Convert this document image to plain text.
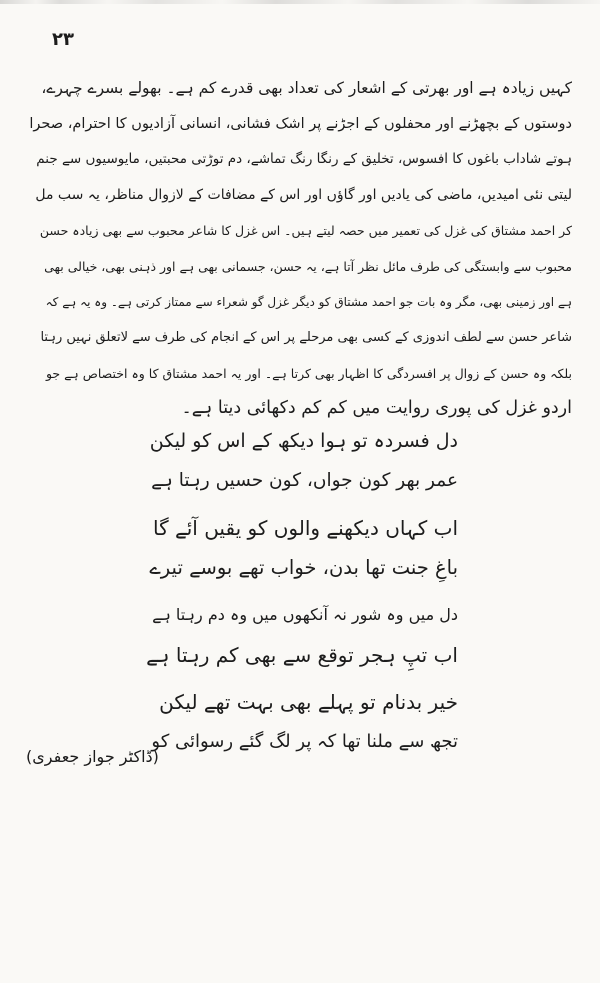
۲۳
کہیں زیادہ ہے اور بھرتی کے اشعار کی تعداد بھی قدرے کم ہے۔ بھولے بسرے چہرے،
دوستوں کے بچھڑنے اور محفلوں کے اجڑنے پر اشک فشانی، انسانی آزادیوں کا احترام، صحرا
ہوتے شاداب باغوں کا افسوس، تخلیق کے رنگا رنگ تماشے، دم توڑتی محبتیں، مایوسیوں سے جنم
لیتی نئی امیدیں، ماضی کی یادیں اور گاؤں اور اس کے مضافات کے لازوال مناظر، یہ سب مل
کر احمد مشتاق کی غزل کی تعمیر میں حصہ لیتے ہیں۔ اس غزل کا شاعر محبوب سے بھی زیادہ حسن
محبوب سے وابستگی کی طرف مائل نظر آتا ہے، یہ حسن، جسمانی بھی ہے اور ذہنی بھی، خیالی بھی
ہے اور زمینی بھی، مگر وہ بات جو احمد مشتاق کو دیگر غزل گو شعراء سے ممتاز کرتی ہے۔ وہ یہ ہے کہ
شاعر حسن سے لطف اندوزی کے کسی بھی مرحلے پر اس کے انجام کی طرف سے لاتعلق نہیں رہتا
بلکہ وہ حسن کے زوال پر افسردگی کا اظہار بھی کرتا ہے۔ اور یہ احمد مشتاق کا وہ اختصاص ہے جو
اردو غزل کی پوری روایت میں کم کم دکھائی دیتا ہے۔
دل فسردہ تو ہوا دیکھ کے اس کو لیکن
عمر بھر کون جواں، کون حسیں رہتا ہے
اب کہاں دیکھنے والوں کو یقیں آئے گا
باغِ جنت تھا بدن، خواب تھے بوسے تیرے
دل میں وہ شور نہ آنکھوں میں وہ دم رہتا ہے
اب تپِ ہجر توقع سے بھی کم رہتا ہے
خیر بدنام تو پہلے بھی بہت تھے لیکن
تجھ سے ملنا تھا کہ پر لگ گئے رسوائی کو
(ڈاکٹر جواز جعفری)
